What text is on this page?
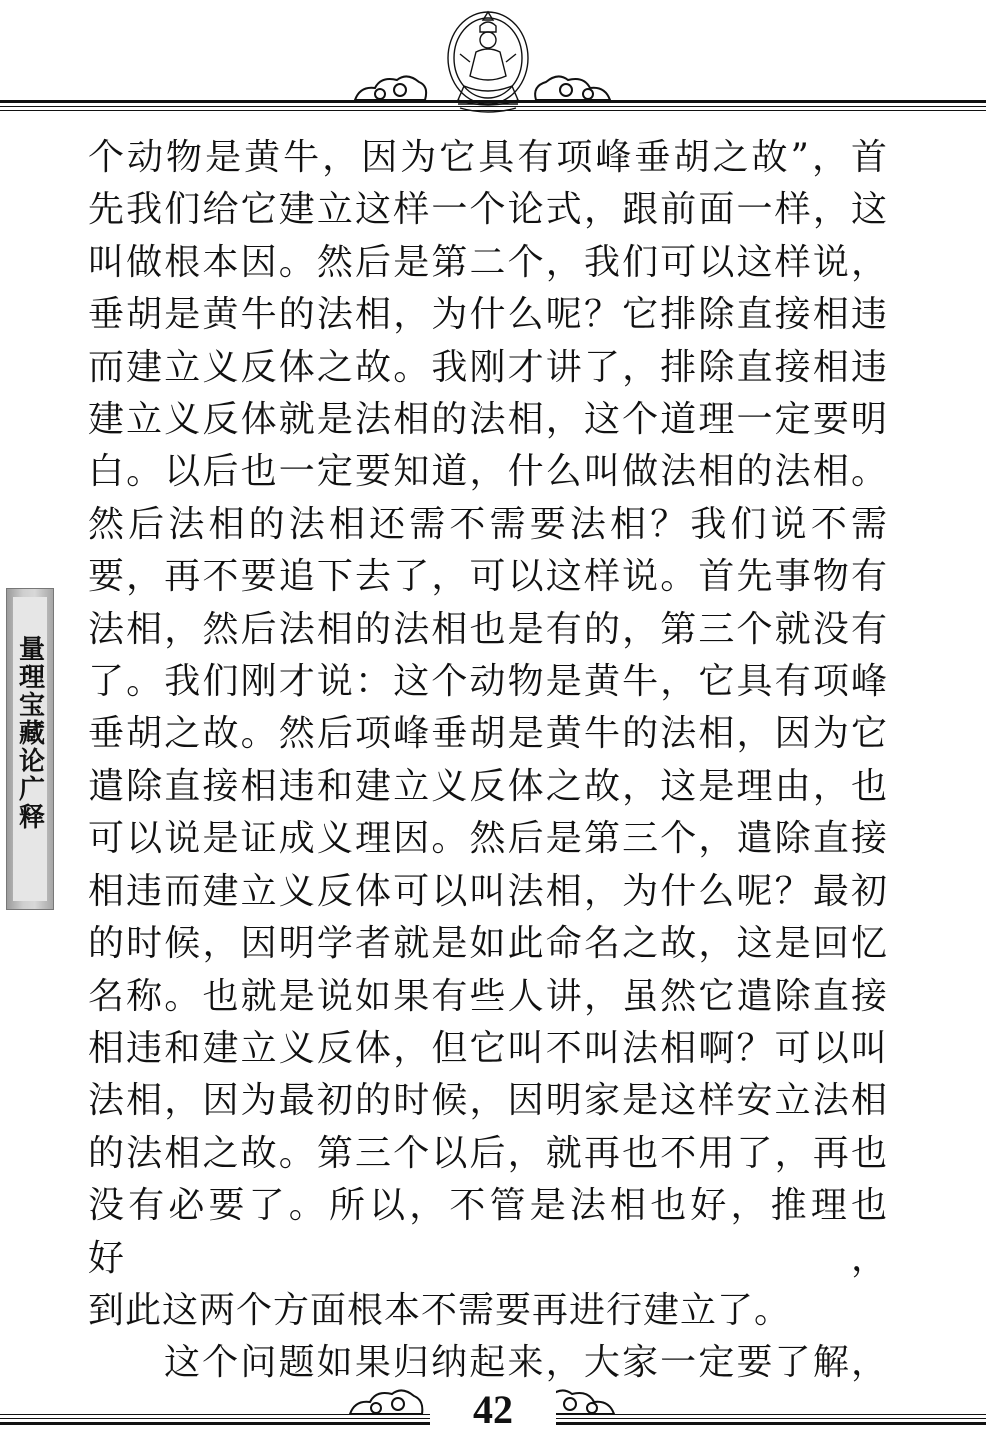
量理宝藏论广释

个动物是黄牛，因为它具有项峰垂胡之故”，首

先我们给它建立这样一个论式，跟前面一样，这

叫做根本因。然后是第二个，我们可以这样说，

垂胡是黄牛的法相，为什么呢？它排除直接相违

而建立义反体之故。我刚才讲了，排除直接相违

建立义反体就是法相的法相，这个道理一定要明

白。以后也一定要知道，什么叫做法相的法相。

然后法相的法相还需不需要法相？我们说不需

要，再不要追下去了，可以这样说。首先事物有

法相，然后法相的法相也是有的，第三个就没有

了。我们刚才说：这个动物是黄牛，它具有项峰

垂胡之故。然后项峰垂胡是黄牛的法相，因为它

遣除直接相违和建立义反体之故，这是理由，也

可以说是证成义理因。然后是第三个，遣除直接

相违而建立义反体可以叫法相，为什么呢？最初

的时候，因明学者就是如此命名之故，这是回忆

名称。也就是说如果有些人讲，虽然它遣除直接

相违和建立义反体，但它叫不叫法相啊？可以叫

法相，因为最初的时候，因明家是这样安立法相

的法相之故。第三个以后，就再也不用了，再也

没有必要了。所以，不管是法相也好，推理也好，

到此这两个方面根本不需要再进行建立了。

这个问题如果归纳起来，大家一定要了解，

42
